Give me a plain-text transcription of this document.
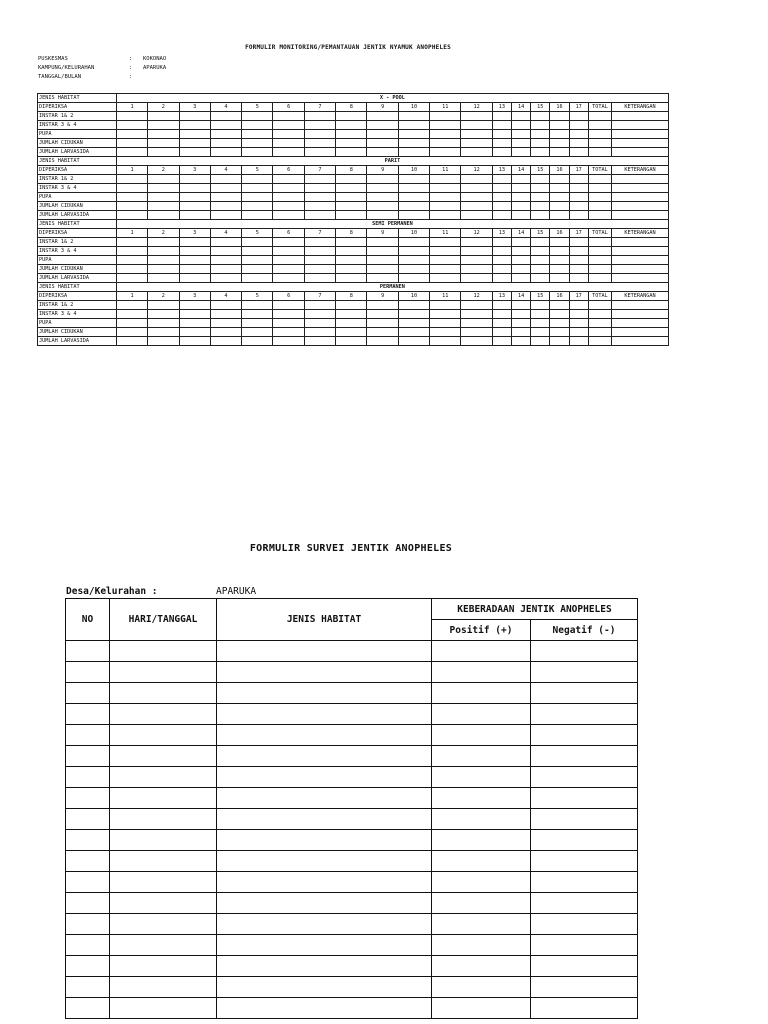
FORMULIR MONITORING/PEMANTAUAN JENTIK NYAMUK ANOPHELES
PUSKESMAS	:	KOKONAO
KAMPUNG/KELURAHAN	:	APARUKA
TANGGAL/BULAN	:
JENIS HABITAT	X - POOL																		
DIPERIKSA	1	2	3	4	5	6	7	8	9	10	11	12	13	14	15	16	17	TOTAL	KETERANGAN
INSTAR 1& 2																			
INSTAR 3 & 4																			
PUPA																			
JUMLAH CIDUKAN																			
JUMLAH LARVASIDA																			
JENIS HABITAT	PARIT																		
DIPERIKSA	1	2	3	4	5	6	7	8	9	10	11	12	13	14	15	16	17	TOTAL	KETERANGAN
INSTAR 1& 2																			
INSTAR 3 & 4																			
PUPA																			
JUMLAH CIDUKAN																			
JUMLAH LARVASIDA																			
JENIS HABITAT	SEMI PERMANEN																		
DIPERIKSA	1	2	3	4	5	6	7	8	9	10	11	12	13	14	15	16	17	TOTAL	KETERANGAN
INSTAR 1& 2																			
INSTAR 3 & 4																			
PUPA																			
JUMLAH CIDUKAN																			
JUMLAH LARVASIDA																			
JENIS HABITAT	PERMANEN																		
DIPERIKSA	1	2	3	4	5	6	7	8	9	10	11	12	13	14	15	16	17	TOTAL	KETERANGAN
INSTAR 1& 2																			
INSTAR 3 & 4																			
PUPA																			
JUMLAH CIDUKAN																			
JUMLAH LARVASIDA																			
FORMULIR SURVEI JENTIK ANOPHELES
Desa/Kelurahan :	APARUKA
NO	HARI/TANGGAL	JENIS HABITAT	KEBERADAAN JENTIK ANOPHELES	
			Positif (+)	Negatif (-)
